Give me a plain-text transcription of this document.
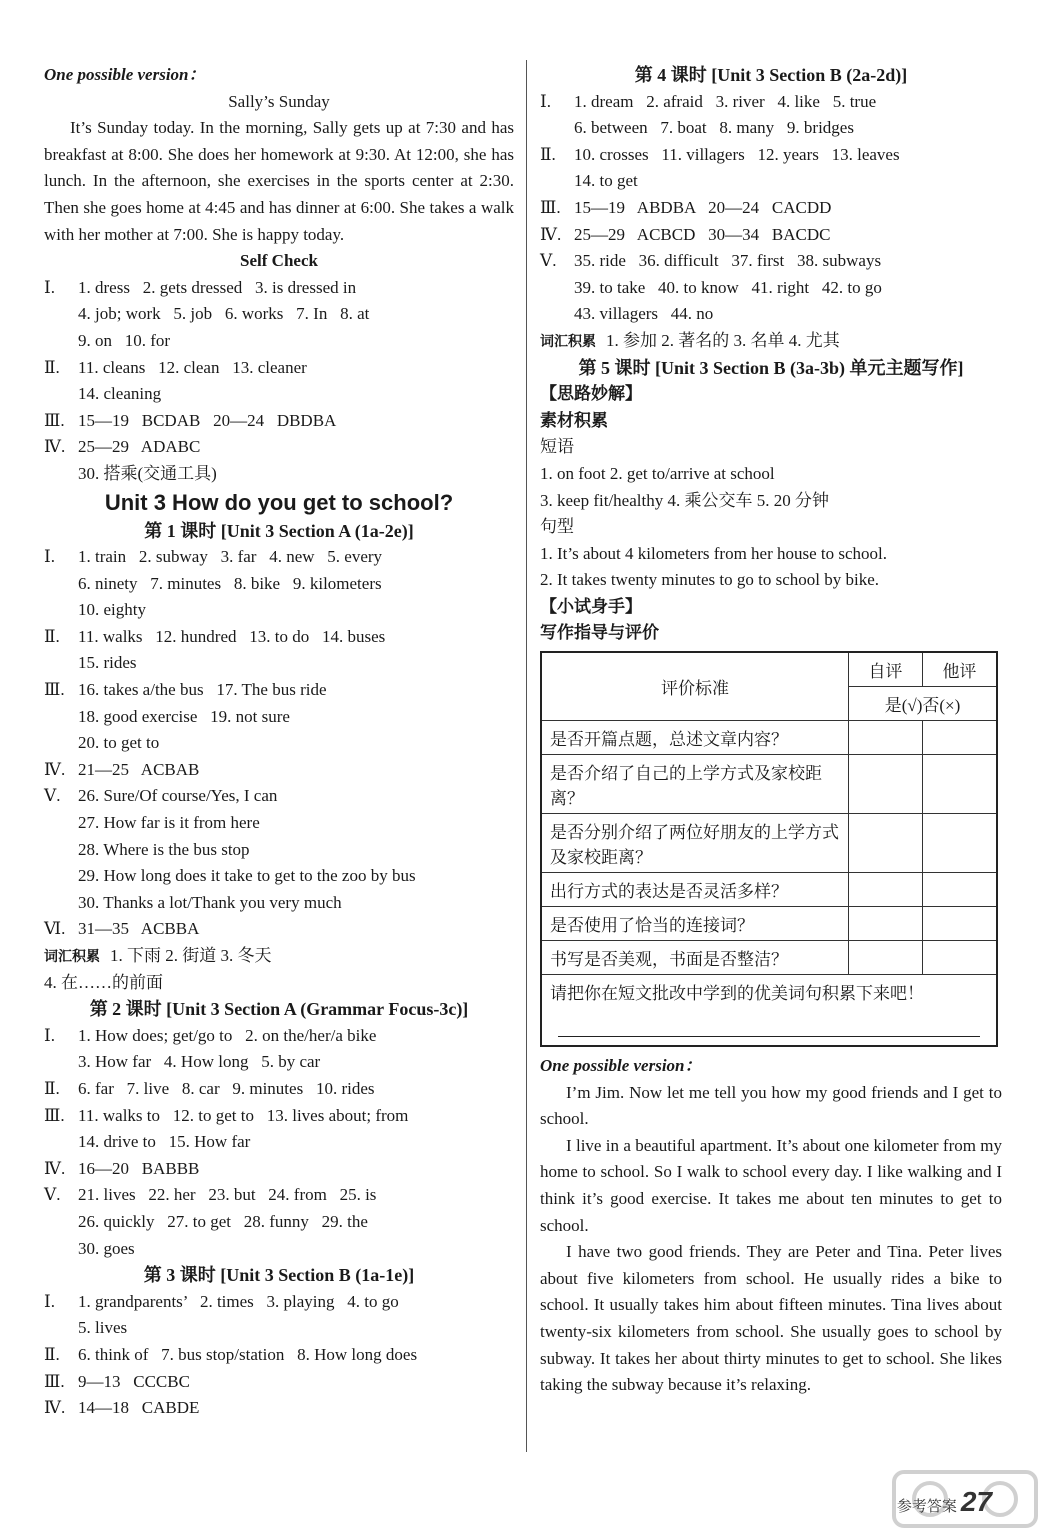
One possible version：
Sally’s Sunday
It’s Sunday today. In the morning, Sally gets up at 7:30 and has breakfast at 8:00. She does her homework at 9:30. At 12:00, she has lunch. In the afternoon, she exercises in the sports center at 2:30. Then she goes home at 4:45 and has dinner at 6:00. She takes a walk with her mother at 7:00. She is happy today.
Self Check
Ⅰ. 1. dress   2. gets dressed   3. is dressed in
4. job; work   5. job   6. works   7. In   8. at
9. on   10. for
Ⅱ. 11. cleans   12. clean   13. cleaner
14. cleaning
Ⅲ. 15—19   BCDAB   20—24   DBDBA
Ⅳ. 25—29   ADABC
30. 搭乘(交通工具)
Unit 3 How do you get to school?
第 1 课时 [Unit 3 Section A (1a-2e)]
Ⅰ. 1. train   2. subway   3. far   4. new   5. every
6. ninety   7. minutes   8. bike   9. kilometers
10. eighty
Ⅱ. 11. walks   12. hundred   13. to do   14. buses
15. rides
Ⅲ. 16. takes a/the bus   17. The bus ride
18. good exercise   19. not sure
20. to get to
Ⅳ. 21—25   ACBAB
Ⅴ. 26. Sure/Of course/Yes, I can
27. How far is it from here
28. Where is the bus stop
29. How long does it take to get to the zoo by bus
30. Thanks a lot/Thank you very much
Ⅵ. 31—35   ACBBA
词汇积累 1. 下雨 2. 街道 3. 冬天
4. 在……的前面
第 2 课时 [Unit 3 Section A (Grammar Focus-3c)]
Ⅰ. 1. How does; get/go to   2. on the/her/a bike
3. How far   4. How long   5. by car
Ⅱ. 6. far   7. live   8. car   9. minutes   10. rides
Ⅲ. 11. walks to   12. to get to   13. lives about; from
14. drive to   15. How far
Ⅳ. 16—20   BABBB
Ⅴ. 21. lives   22. her   23. but   24. from   25. is
26. quickly   27. to get   28. funny   29. the
30. goes
第 3 课时 [Unit 3 Section B (1a-1e)]
Ⅰ. 1. grandparents’   2. times   3. playing   4. to go
5. lives
Ⅱ. 6. think of   7. bus stop/station   8. How long does
Ⅲ. 9—13   CCCBC
Ⅳ. 14—18   CABDE
第 4 课时 [Unit 3 Section B (2a-2d)]
Ⅰ. 1. dream   2. afraid   3. river   4. like   5. true
6. between   7. boat   8. many   9. bridges
Ⅱ. 10. crosses   11. villagers   12. years   13. leaves
14. to get
Ⅲ. 15—19   ABDBA   20—24   CACDD
Ⅳ. 25—29   ACBCD   30—34   BACDC
Ⅴ. 35. ride   36. difficult   37. first   38. subways
39. to take   40. to know   41. right   42. to go
43. villagers   44. no
词汇积累 1. 参加 2. 著名的 3. 名单 4. 尤其
第 5 课时 [Unit 3 Section B (3a-3b) 单元主题写作]
【思路妙解】
素材积累
短语
1. on foot 2. get to/arrive at school
3. keep fit/healthy 4. 乘公交车 5. 20 分钟
句型
1. It’s about 4 kilometers from her house to school.
2. It takes twenty minutes to go to school by bike.
【小试身手】
写作指导与评价
评价标准	自评	他评
	是(√)否(×)	
是否开篇点题，总述文章内容？		
是否介绍了自己的上学方式及家校距离？		
是否分别介绍了两位好朋友的上学方式及家校距离？		
出行方式的表达是否灵活多样？		
是否使用了恰当的连接词？		
书写是否美观，书面是否整洁？		

请把你在短文批改中学到的优美词句积累下来吧！		
One possible version：
I’m Jim. Now let me tell you how my good friends and I get to school.
I live in a beautiful apartment. It’s about one kilometer from my home to school. So I walk to school every day. I like walking and I think it’s good exercise. It takes me about ten minutes to get to school.
I have two good friends. They are Peter and Tina. Peter lives about five kilometers from school. He usually rides a bike to school. It usually takes him about fifteen minutes. Tina lives about twenty-six kilometers from school. She usually goes to school by subway. It takes her about thirty minutes to get to school. She likes taking the subway because it’s relaxing.
参考答案 27
